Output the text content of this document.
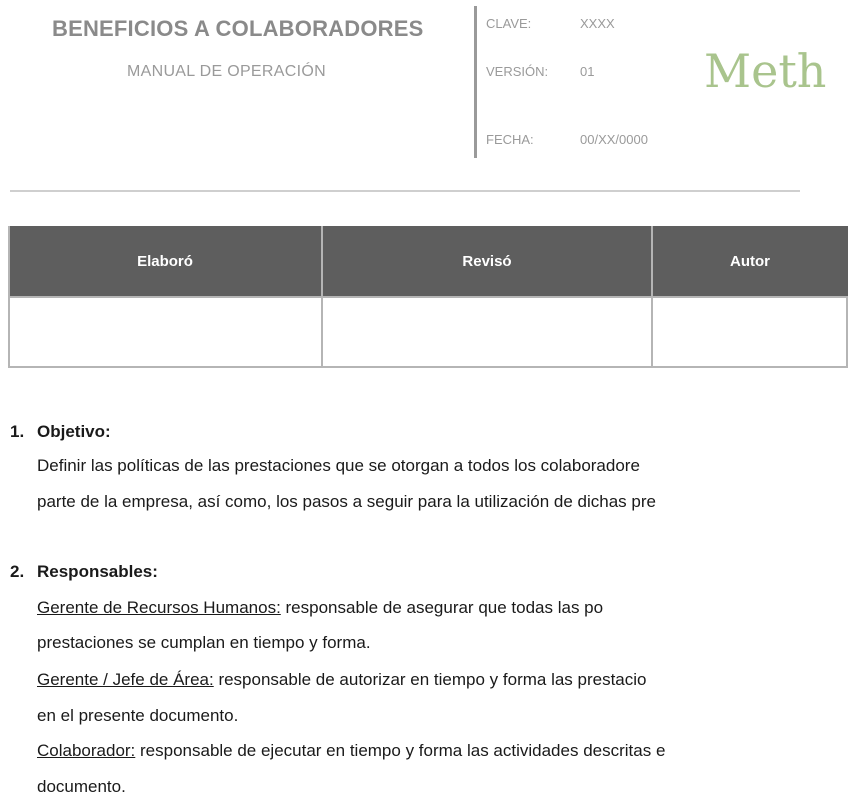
BENEFICIOS A COLABORADORES
MANUAL DE OPERACIÓN
CLAVE:	XXXX
VERSIÓN: 01
FECHA:	00/XX/0000
Meth
Elaboró	Revisó	Autor
1. Objetivo:
Definir las políticas de las prestaciones que se otorgan a todos los colaboradore
parte de la empresa, así como, los pasos a seguir para la utilización de dichas pre
2. Responsables:
Gerente de Recursos Humanos: responsable de asegurar que todas las po
prestaciones se cumplan en tiempo y forma.
Gerente / Jefe de Área: responsable de autorizar en tiempo y forma las prestacio
en el presente documento.
Colaborador: responsable de ejecutar en tiempo y forma las actividades descritas e
documento.
